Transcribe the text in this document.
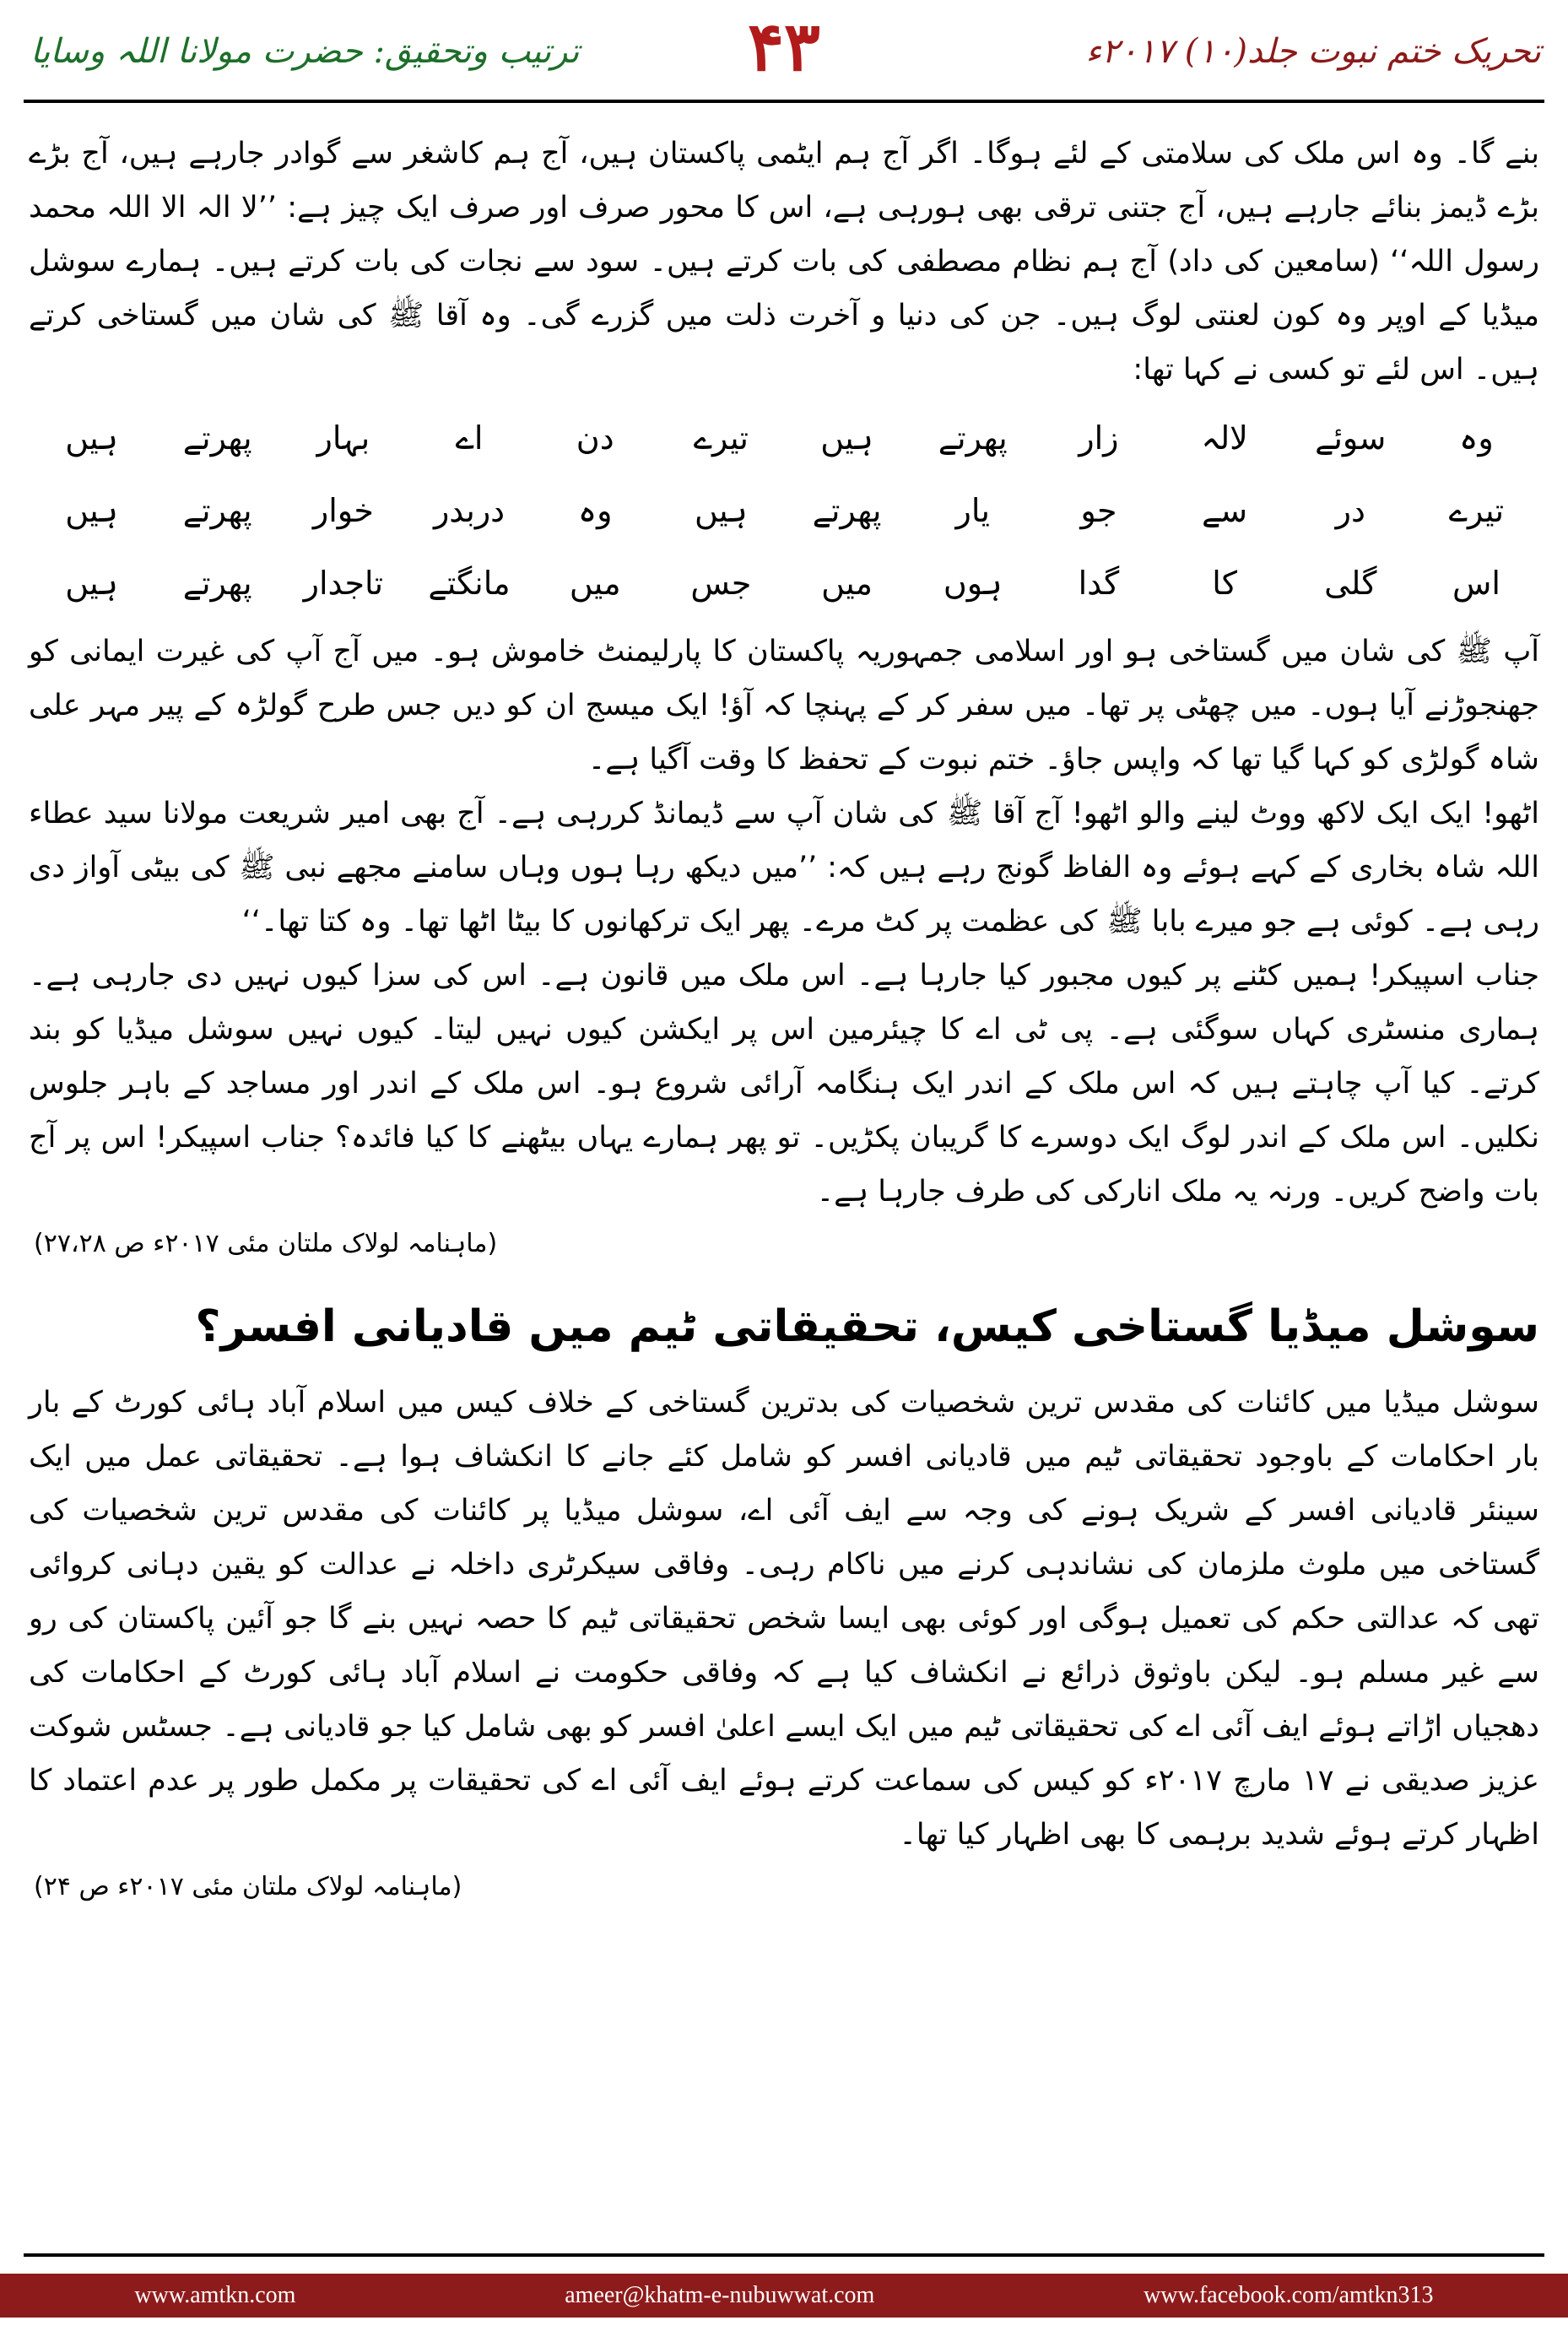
تحریک ختم نبوت جلد(۱۰) ۲۰۱۷ء
۴۳
ترتیب وتحقیق: حضرت مولانا اللہ وسایا

بنے گا۔ وہ اس ملک کی سلامتی کے لئے ہوگا۔ اگر آج ہم ایٹمی پاکستان ہیں، آج ہم کاشغر سے گوادر جارہے ہیں، آج بڑے بڑے ڈیمز بنائے جارہے ہیں، آج جتنی ترقی بھی ہورہی ہے، اس کا محور صرف اور صرف ایک چیز ہے: ’’لا الہ الا اللہ محمد رسول اللہ‘‘ (سامعین کی داد) آج ہم نظام مصطفی کی بات کرتے ہیں۔ سود سے نجات کی بات کرتے ہیں۔ ہمارے سوشل میڈیا کے اوپر وہ کون لعنتی لوگ ہیں۔ جن کی دنیا و آخرت ذلت میں گزرے گی۔ وہ آقا ﷺ کی شان میں گستاخی کرتے ہیں۔ اس لئے تو کسی نے کہا تھا:

وہ
سوئے
لالہ
زار
پھرتے
ہیں
تیرے
دن
اے
بہار
پھرتے
ہیں
تیرے
در
سے
جو
یار
پھرتے
ہیں
وہ
دربدر
خوار
پھرتے
ہیں
اس
گلی
کا
گدا
ہوں
میں
جس
میں
مانگتے
تاجدار
پھرتے
ہیں

آپ ﷺ کی شان میں گستاخی ہو اور اسلامی جمہوریہ پاکستان کا پارلیمنٹ خاموش ہو۔ میں آج آپ کی غیرت ایمانی کو جھنجوڑنے آیا ہوں۔ میں چھٹی پر تھا۔ میں سفر کر کے پہنچا کہ آؤ! ایک میسج ان کو دیں جس طرح گولڑہ کے پیر مہر علی شاہ گولڑی کو کہا گیا تھا کہ واپس جاؤ۔ ختم نبوت کے تحفظ کا وقت آگیا ہے۔

اٹھو! ایک ایک لاکھ ووٹ لینے والو اٹھو! آج آقا ﷺ کی شان آپ سے ڈیمانڈ کررہی ہے۔ آج بھی امیر شریعت مولانا سید عطاء اللہ شاہ بخاری کے کہے ہوئے وہ الفاظ گونج رہے ہیں کہ: ’’میں دیکھ رہا ہوں وہاں سامنے مجھے نبی ﷺ کی بیٹی آواز دی رہی ہے۔ کوئی ہے جو میرے بابا ﷺ کی عظمت پر کٹ مرے۔ پھر ایک ترکھانوں کا بیٹا اٹھا تھا۔ وہ کتا تھا۔‘‘

جناب اسپیکر! ہمیں کٹنے پر کیوں مجبور کیا جارہا ہے۔ اس ملک میں قانون ہے۔ اس کی سزا کیوں نہیں دی جارہی ہے۔ ہماری منسٹری کہاں سوگئی ہے۔ پی ٹی اے کا چیئرمین اس پر ایکشن کیوں نہیں لیتا۔ کیوں نہیں سوشل میڈیا کو بند کرتے۔ کیا آپ چاہتے ہیں کہ اس ملک کے اندر ایک ہنگامہ آرائی شروع ہو۔ اس ملک کے اندر اور مساجد کے باہر جلوس نکلیں۔ اس ملک کے اندر لوگ ایک دوسرے کا گریبان پکڑیں۔ تو پھر ہمارے یہاں بیٹھنے کا کیا فائدہ؟ جناب اسپیکر! اس پر آج بات واضح کریں۔ ورنہ یہ ملک انارکی کی طرف جارہا ہے۔

(ماہنامہ لولاک ملتان مئی ۲۰۱۷ء ص ۲۷،۲۸)
سوشل میڈیا گستاخی کیس، تحقیقاتی ٹیم میں قادیانی افسر؟

سوشل میڈیا میں کائنات کی مقدس ترین شخصیات کی بدترین گستاخی کے خلاف کیس میں اسلام آباد ہائی کورٹ کے بار بار احکامات کے باوجود تحقیقاتی ٹیم میں قادیانی افسر کو شامل کئے جانے کا انکشاف ہوا ہے۔ تحقیقاتی عمل میں ایک سینئر قادیانی افسر کے شریک ہونے کی وجہ سے ایف آئی اے، سوشل میڈیا پر کائنات کی مقدس ترین شخصیات کی گستاخی میں ملوث ملزمان کی نشاندہی کرنے میں ناکام رہی۔ وفاقی سیکرٹری داخلہ نے عدالت کو یقین دہانی کروائی تھی کہ عدالتی حکم کی تعمیل ہوگی اور کوئی بھی ایسا شخص تحقیقاتی ٹیم کا حصہ نہیں بنے گا جو آئین پاکستان کی رو سے غیر مسلم ہو۔ لیکن باوثوق ذرائع نے انکشاف کیا ہے کہ وفاقی حکومت نے اسلام آباد ہائی کورٹ کے احکامات کی دھجیاں اڑاتے ہوئے ایف آئی اے کی تحقیقاتی ٹیم میں ایک ایسے اعلیٰ افسر کو بھی شامل کیا جو قادیانی ہے۔ جسٹس شوکت عزیز صدیقی نے ۱۷ مارچ ۲۰۱۷ء کو کیس کی سماعت کرتے ہوئے ایف آئی اے کی تحقیقات پر مکمل طور پر عدم اعتماد کا اظہار کرتے ہوئے شدید برہمی کا بھی اظہار کیا تھا۔

(ماہنامہ لولاک ملتان مئی ۲۰۱۷ء ص ۲۴)
www.amtkn.com	ameer@khatm-e-nubuwwat.com	www.facebook.com/amtkn313
